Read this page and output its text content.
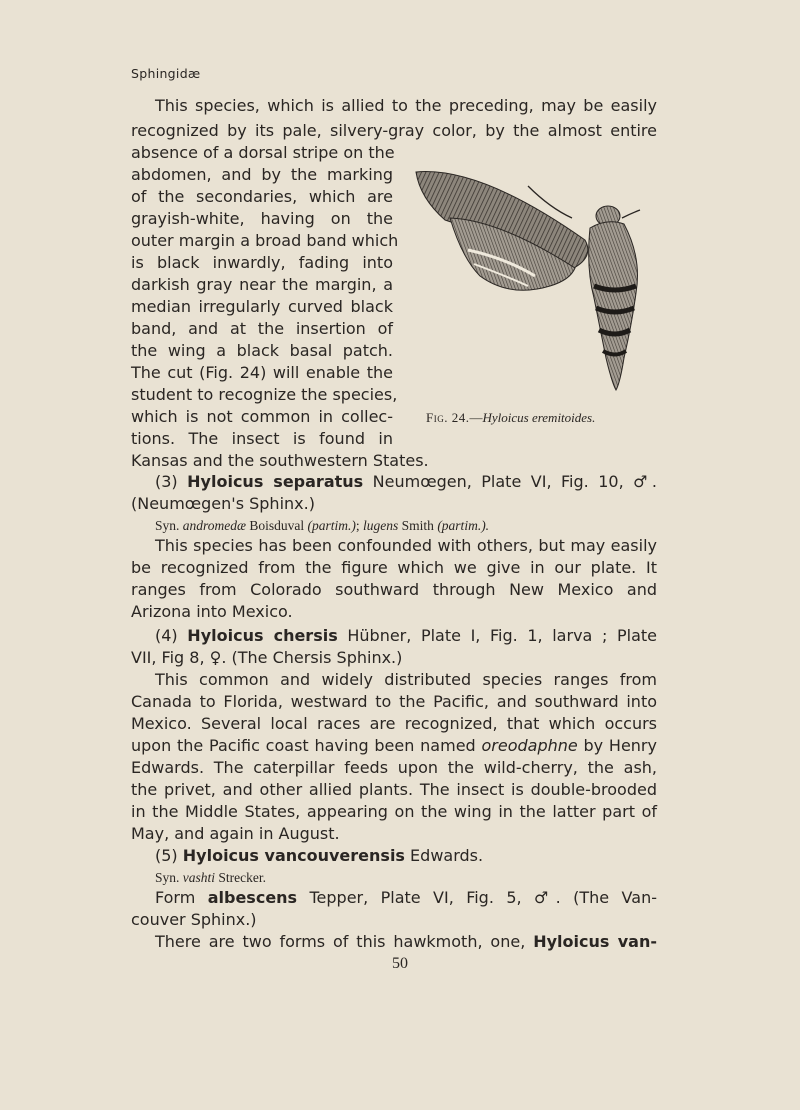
Sphingidæ
This species, which is allied to the preceding, may be easily
recognized by its pale, silvery-gray color, by the almost entire
absence of a dorsal stripe on the
abdomen, and by the marking
of the secondaries, which are
grayish-white, having on the
outer margin a broad band which
is black inwardly, fading into
darkish gray near the margin, a
median irregularly curved black
band, and at the insertion of
the wing a black basal patch.
The cut (Fig. 24) will enable the
student to recognize the species,
which is not common in collec-
tions. The insect is found in
Kansas and the southwestern States.
Fig. 24.—Hyloicus eremitoides.
(3) Hyloicus separatus Neumœgen, Plate VI, Fig. 10, ♂.
(Neumœgen's Sphinx.)
Syn. andromedæ Boisduval (partim.); lugens Smith (partim.).
This species has been confounded with others, but may easily
be recognized from the figure which we give in our plate. It
ranges from Colorado southward through New Mexico and
Arizona into Mexico.
(4) Hyloicus chersis Hübner, Plate I, Fig. 1, larva ; Plate
VII, Fig 8, ♀. (The Chersis Sphinx.)
This common and widely distributed species ranges from
Canada to Florida, westward to the Pacific, and southward into
Mexico. Several local races are recognized, that which occurs
upon the Pacific coast having been named oreodaphne by Henry
Edwards. The caterpillar feeds upon the wild-cherry, the ash,
the privet, and other allied plants. The insect is double-brooded
in the Middle States, appearing on the wing in the latter part of
May, and again in August.
(5) Hyloicus vancouverensis Edwards.
Syn. vashti Strecker.
Form albescens Tepper, Plate VI, Fig. 5, ♂. (The Van-
couver Sphinx.)
There are two forms of this hawkmoth, one, Hyloicus van-
50
